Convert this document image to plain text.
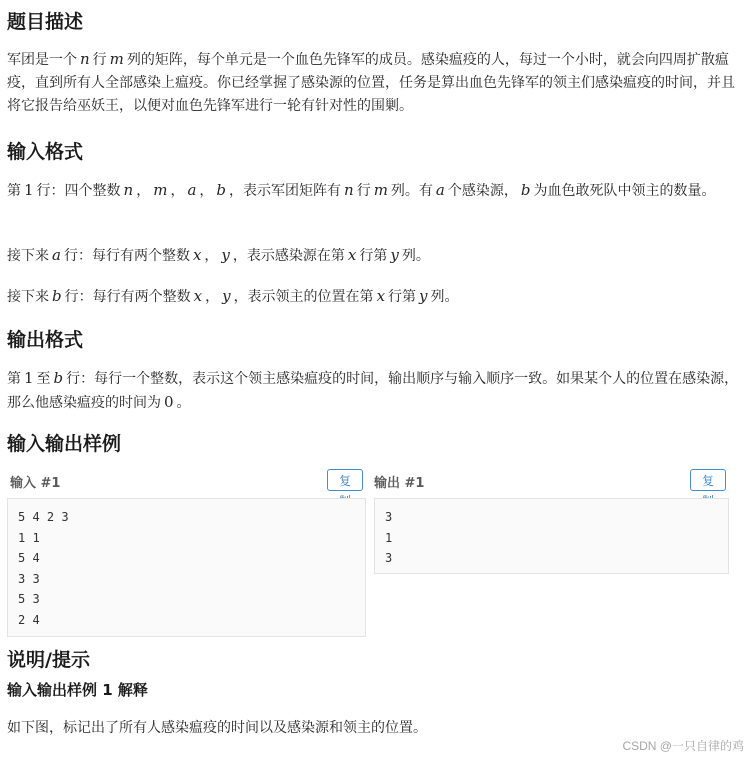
题目描述

军团是一个 n 行 m 列的矩阵，每个单元是一个血色先锋军的成员。感染瘟疫的人，每过一个小时，就会向四周扩散瘟疫，直到所有人全部感染上瘟疫。你已经掌握了感染源的位置，任务是算出血色先锋军的领主们感染瘟疫的时间，并且将它报告给巫妖王，以便对血色先锋军进行一轮有针对性的围剿。

输入格式

第 1 行：四个整数 n ， m ， a ， b ，表示军团矩阵有 n 行 m 列。有 a 个感染源， b 为血色敢死队中领主的数量。

接下来 a 行：每行有两个整数 x ， y ，表示感染源在第 x 行第 y 列。

接下来 b 行：每行有两个整数 x ， y ，表示领主的位置在第 x 行第 y 列。

输出格式

第 1 至 b 行：每行一个整数，表示这个领主感染瘟疫的时间，输出顺序与输入顺序一致。如果某个人的位置在感染源，那么他感染瘟疫的时间为 0 。

输入输出样例
输入 #1	复
5 4 2 3
1 1
5 4
3 3
5 3
2 4
输出 #1	复
3
1
3
说明/提示
输入输出样例 1 解释

如下图，标记出了所有人感染瘟疫的时间以及感染源和领主的位置。

CSDN @一只自律的鸡
